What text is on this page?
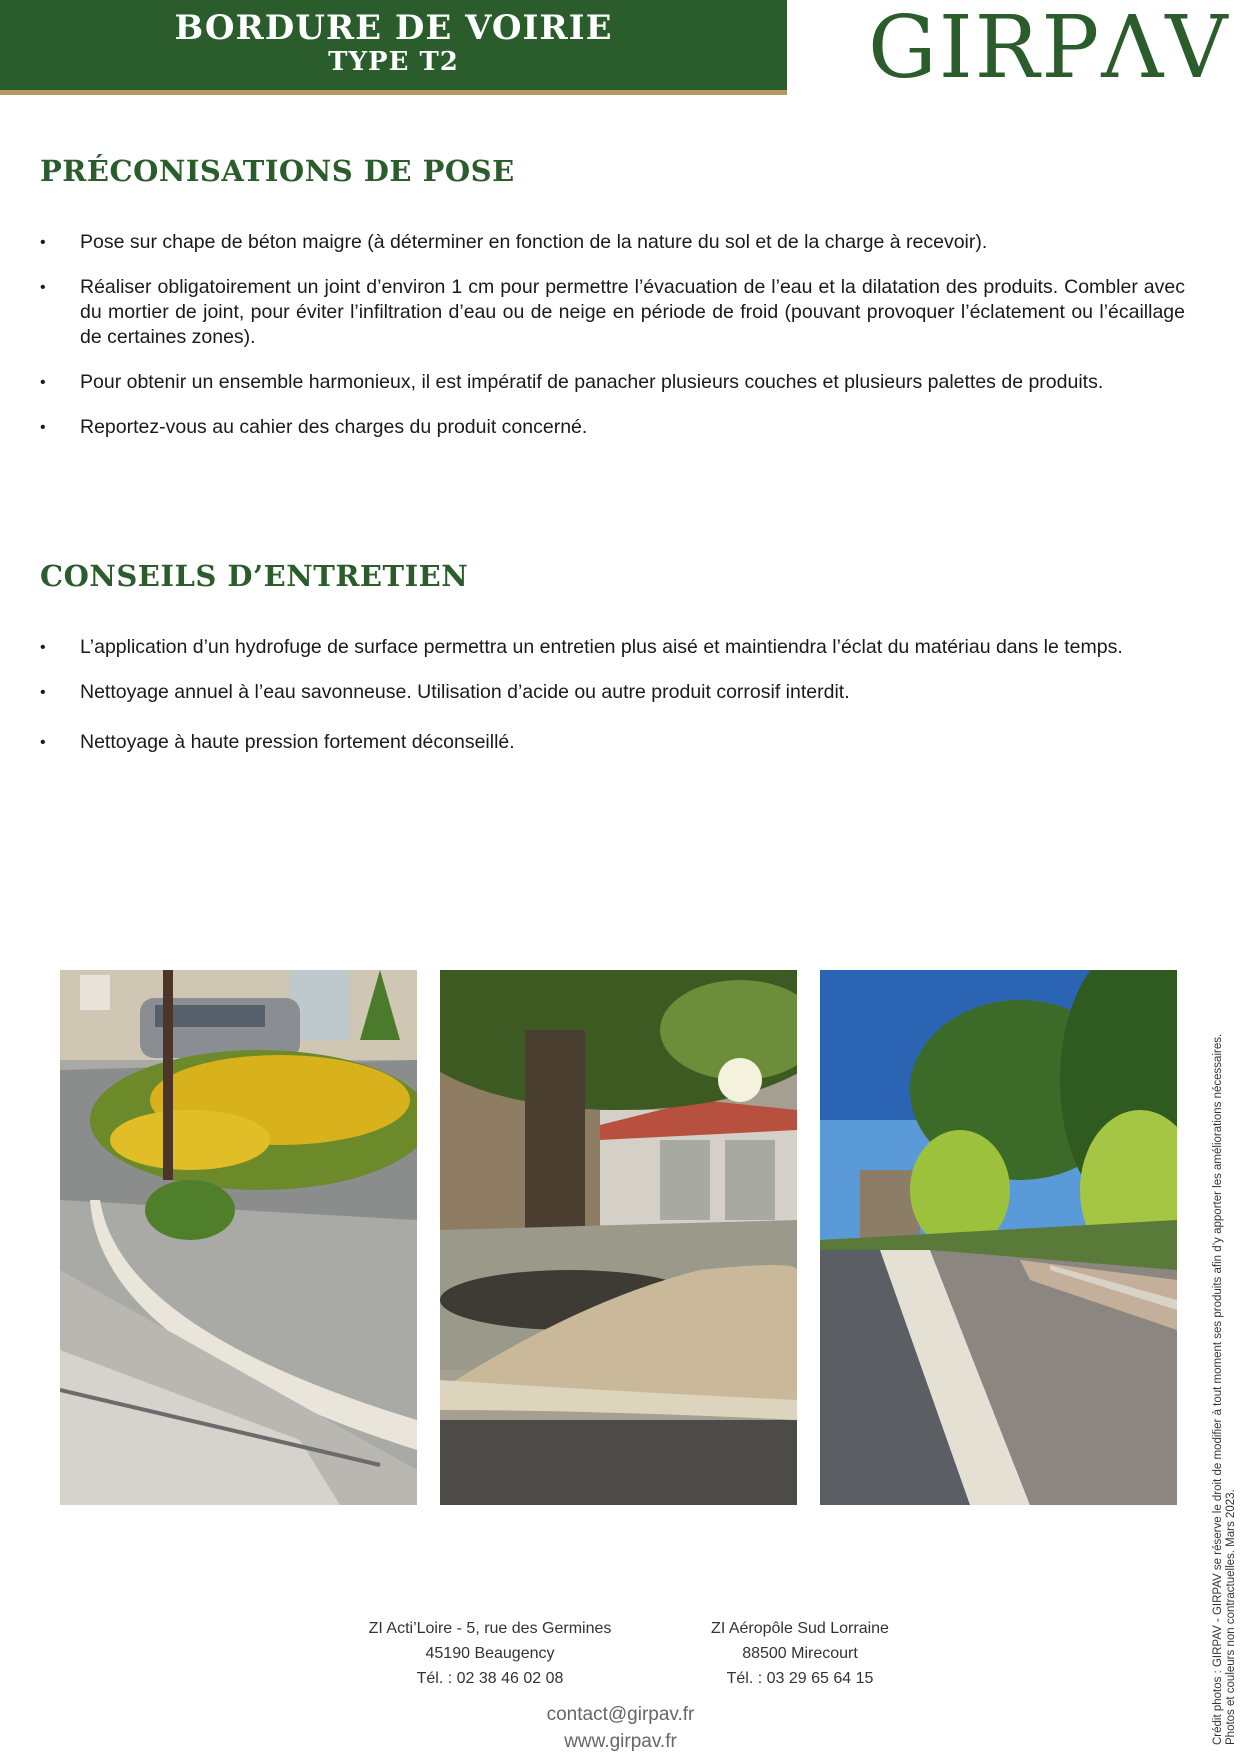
BORDURE DE VOIRIE
TYPE T2	GIRPΛV
PRÉCONISATIONS DE POSE
• Pose sur chape de béton maigre (à déterminer en fonction de la nature du sol et de la charge à recevoir).
• Réaliser obligatoirement un joint d’environ 1 cm pour permettre l’évacuation de l’eau et la dilatation des produits. Combler avec du mortier de joint, pour éviter l’infiltration d’eau ou de neige en période de froid (pouvant provoquer l’éclatement ou l’écaillage de certaines zones).
• Pour obtenir un ensemble harmonieux, il est impératif de panacher plusieurs couches et plusieurs palettes de produits.
• Reportez-vous au cahier des charges du produit concerné.
CONSEILS D’ENTRETIEN
• L’application d’un hydrofuge de surface permettra un entretien plus aisé et maintiendra l’éclat du matériau dans le temps.
• Nettoyage annuel à l’eau savonneuse. Utilisation d’acide ou autre produit corrosif interdit.
• Nettoyage à haute pression fortement déconseillé.
Crédit photos : GIRPAV - GIRPAV se réserve le droit de modifier à tout moment ses produits afin d’y apporter les améliorations nécessaires. Photos et couleurs non contractuelles. Mars 2023.
ZI Acti’Loire - 5, rue des Germines
45190 Beaugency
Tél. : 02 38 46 02 08
ZI Aéropôle Sud Lorraine
88500 Mirecourt
Tél. : 03 29 65 64 15
contact@girpav.fr
www.girpav.fr
